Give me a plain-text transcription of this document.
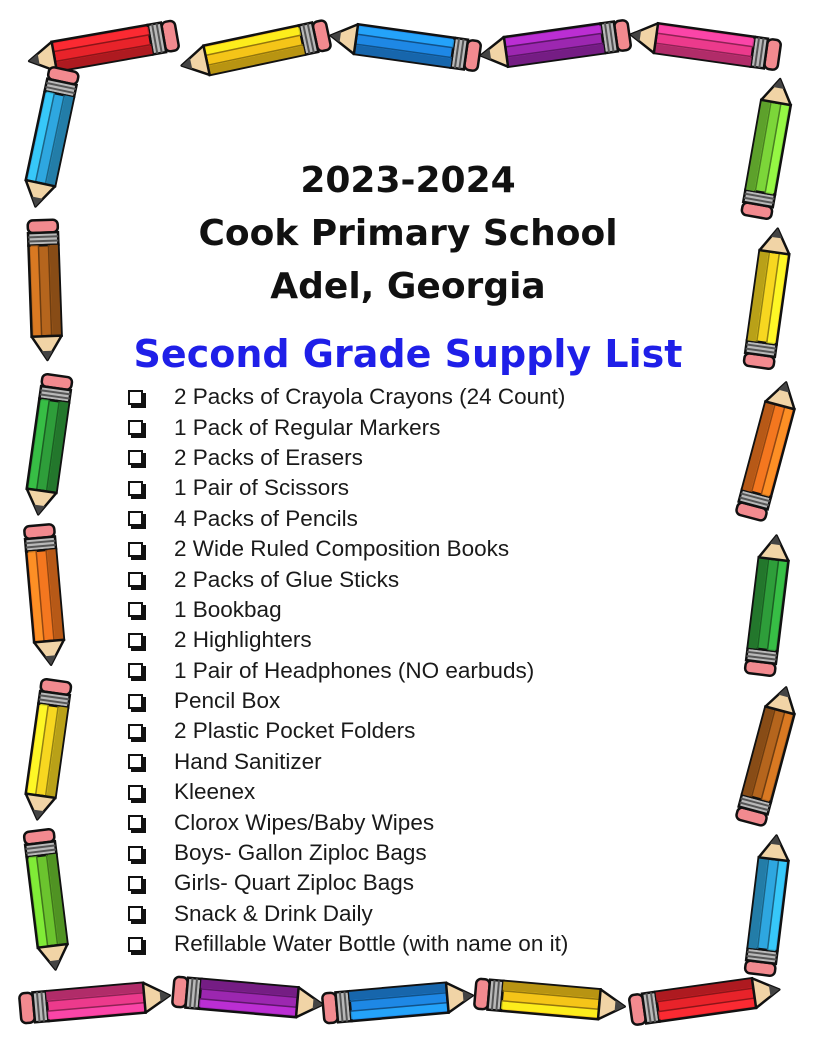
2023-2024
Cook Primary School
Adel, Georgia
Second Grade Supply List
2 Packs of Crayola Crayons (24 Count)
1 Pack of Regular Markers
2 Packs of Erasers
1 Pair of Scissors
4 Packs of Pencils
2 Wide Ruled Composition Books
2 Packs of Glue Sticks
1 Bookbag
2 Highlighters
1 Pair of Headphones (NO earbuds)
Pencil Box
2 Plastic Pocket Folders
Hand Sanitizer
Kleenex
Clorox Wipes/Baby Wipes
Boys- Gallon Ziploc Bags
Girls- Quart Ziploc Bags
Snack & Drink Daily
Refillable Water Bottle (with name on it)
